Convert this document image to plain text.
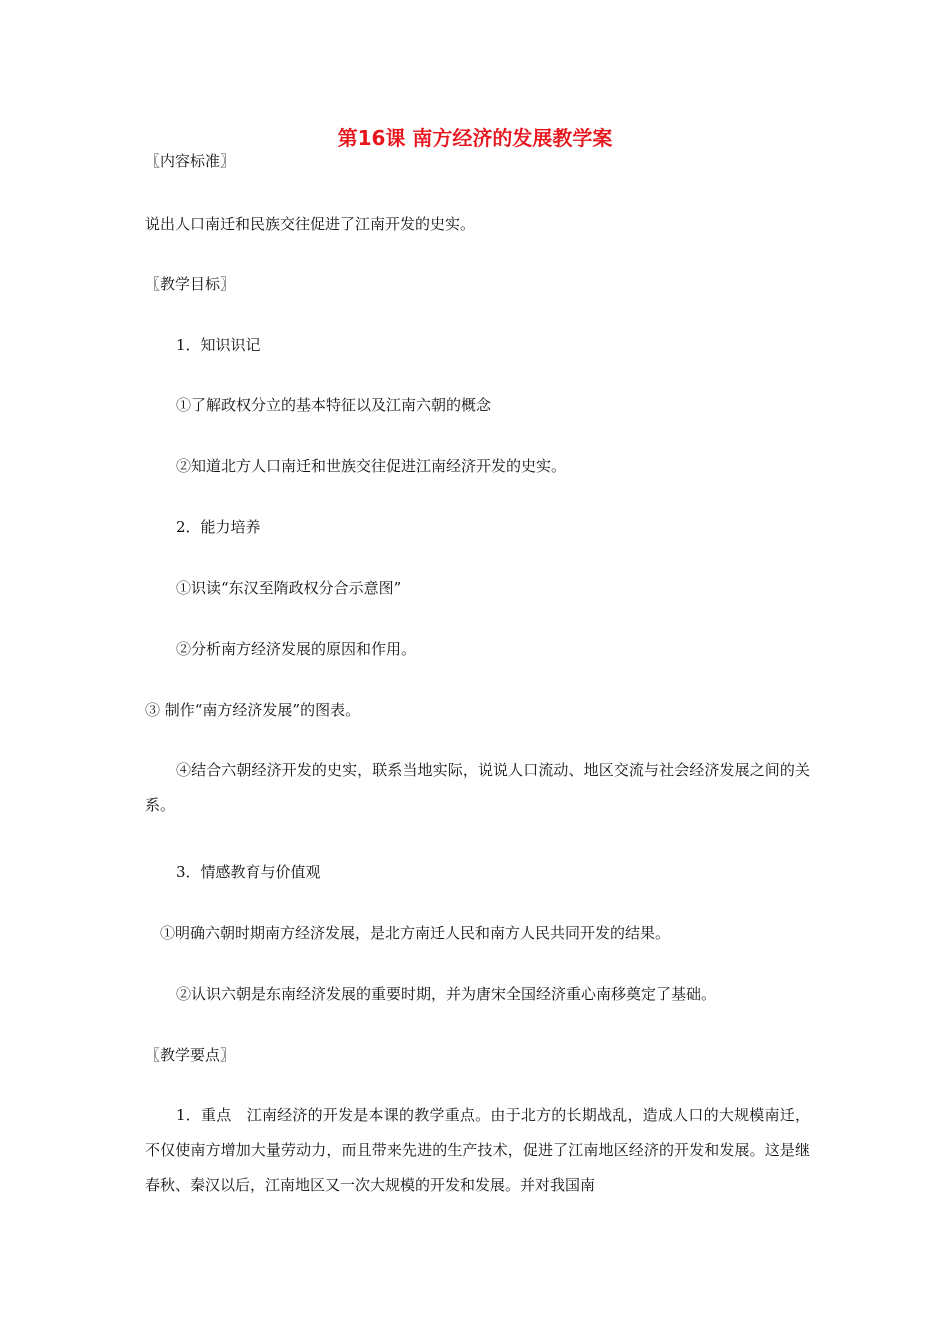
第16课 南方经济的发展教学案
〖内容标准〗
说出人口南迁和民族交往促进了江南开发的史实。
〖教学目标〗
1．知识识记
①了解政权分立的基本特征以及江南六朝的概念
②知道北方人口南迁和世族交往促进江南经济开发的史实。
2．能力培养
①识读“东汉至隋政权分合示意图”
②分析南方经济发展的原因和作用。
③ 制作“南方经济发展”的图表。
④结合六朝经济开发的史实，联系当地实际，说说人口流动、地区交流与社会经济发展之间的关系。
3．情感教育与价值观
①明确六朝时期南方经济发展，是北方南迁人民和南方人民共同开发的结果。
②认识六朝是东南经济发展的重要时期，并为唐宋全国经济重心南移奠定了基础。
〖教学要点〗
1．重点　江南经济的开发是本课的教学重点。由于北方的长期战乱，造成人口的大规模南迁，不仅使南方增加大量劳动力，而且带来先进的生产技术，促进了江南地区经济的开发和发展。这是继春秋、秦汉以后，江南地区又一次大规模的开发和发展。并对我国南
